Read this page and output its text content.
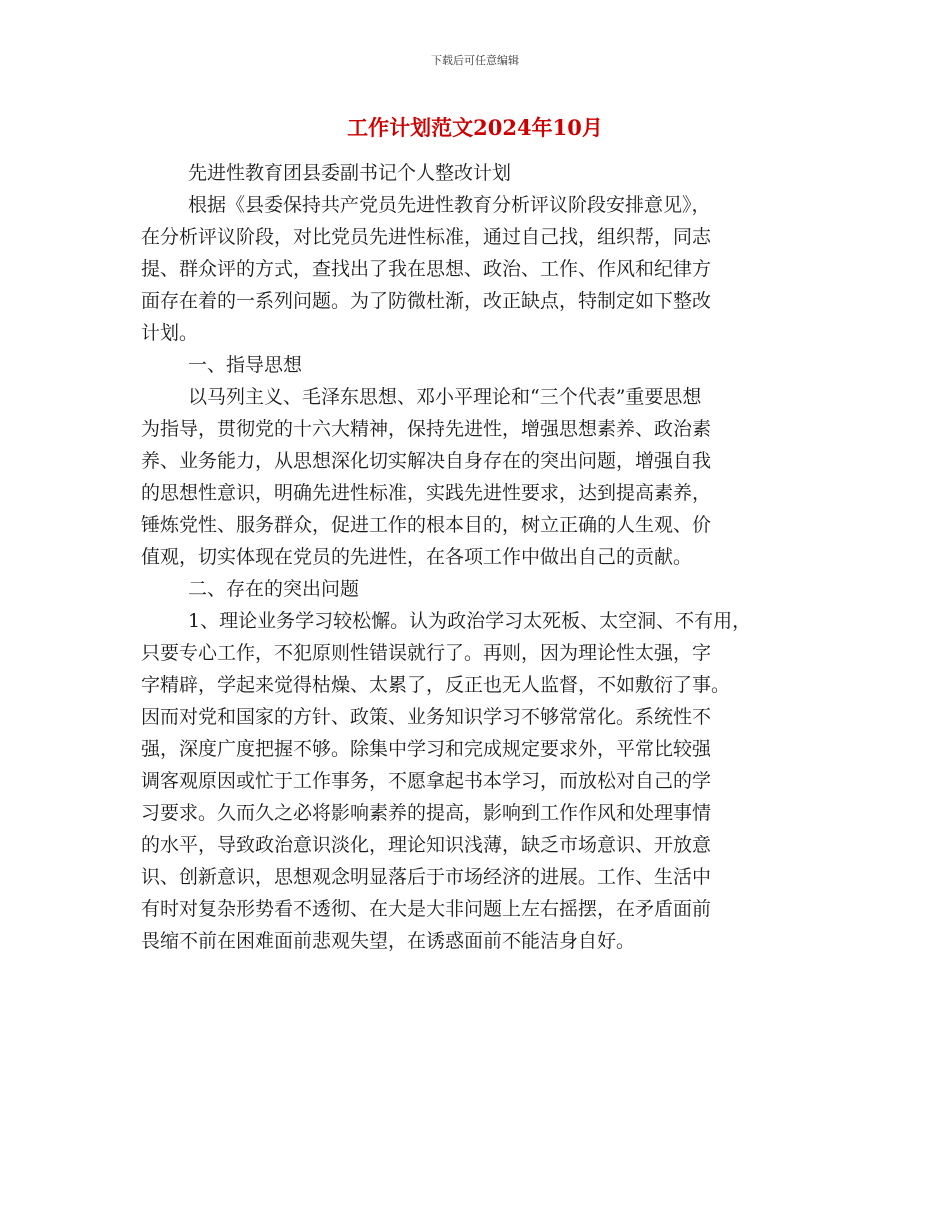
下载后可任意编辑
工作计划范文2024年10月
先进性教育团县委副书记个人整改计划
根据《县委保持共产党员先进性教育分析评议阶段安排意见》，
在分析评议阶段，对比党员先进性标准，通过自己找，组织帮，同志
提、群众评的方式，查找出了我在思想、政治、工作、作风和纪律方
面存在着的一系列问题。为了防微杜渐，改正缺点，特制定如下整改
计划。
一、指导思想
以马列主义、毛泽东思想、邓小平理论和“三个代表”重要思想
为指导，贯彻党的十六大精神，保持先进性，增强思想素养、政治素
养、业务能力，从思想深化切实解决自身存在的突出问题，增强自我
的思想性意识，明确先进性标准，实践先进性要求，达到提高素养，
锤炼党性、服务群众，促进工作的根本目的，树立正确的人生观、价
值观，切实体现在党员的先进性，在各项工作中做出自己的贡献。
二、存在的突出问题
1、理论业务学习较松懈。认为政治学习太死板、太空洞、不有用，
只要专心工作，不犯原则性错误就行了。再则，因为理论性太强，字
字精辟，学起来觉得枯燥、太累了，反正也无人监督，不如敷衍了事。
因而对党和国家的方针、政策、业务知识学习不够常常化。系统性不
强，深度广度把握不够。除集中学习和完成规定要求外，平常比较强
调客观原因或忙于工作事务，不愿拿起书本学习，而放松对自己的学
习要求。久而久之必将影响素养的提高，影响到工作作风和处理事情
的水平，导致政治意识淡化，理论知识浅薄，缺乏市场意识、开放意
识、创新意识，思想观念明显落后于市场经济的进展。工作、生活中
有时对复杂形势看不透彻、在大是大非问题上左右摇摆，在矛盾面前
畏缩不前在困难面前悲观失望，在诱惑面前不能洁身自好。
